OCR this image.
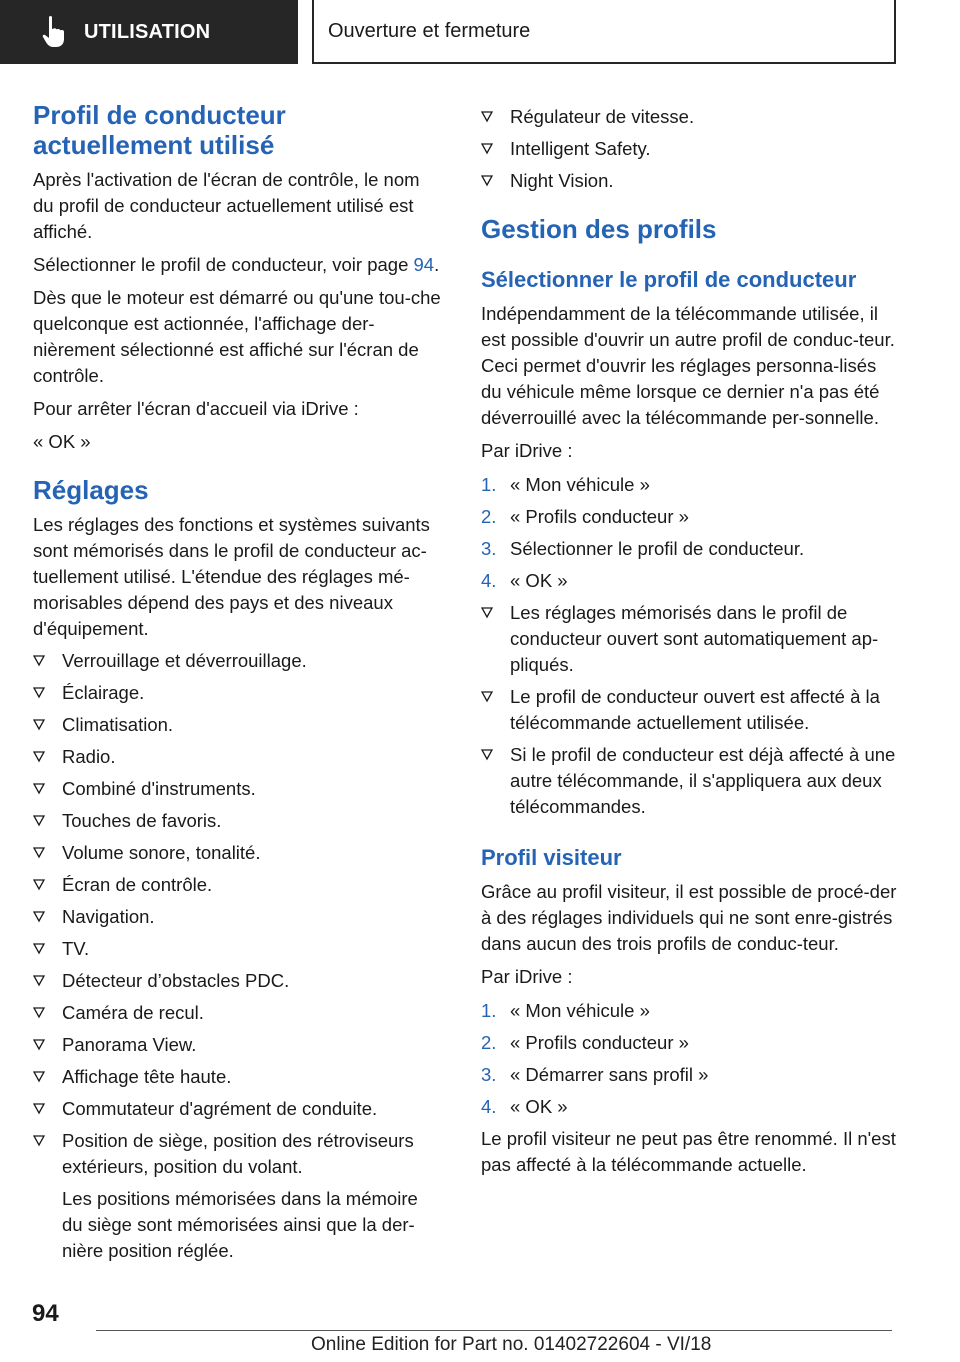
UTILISATION	Ouverture et fermeture
Profil de conducteur actuellement utilisé

Après l'activation de l'écran de contrôle, le nom du profil de conducteur actuellement utilisé est affiché.

Sélectionner le profil de conducteur, voir page 94.

Dès que le moteur est démarré ou qu'une tou‐che quelconque est actionnée, l'affichage der‐nièrement sélectionné est affiché sur l'écran de contrôle.

Pour arrêter l'écran d'accueil via iDrive :

« OK »

Réglages

Les réglages des fonctions et systèmes suivants sont mémorisés dans le profil de conducteur ac‐tuellement utilisé. L'étendue des réglages mé‐morisables dépend des pays et des niveaux d'équipement.

Verrouillage et déverrouillage.
Éclairage.
Climatisation.
Radio.
Combiné d'instruments.
Touches de favoris.
Volume sonore, tonalité.
Écran de contrôle.
Navigation.
TV.
Détecteur d’obstacles PDC.
Caméra de recul.
Panorama View.
Affichage tête haute.
Commutateur d'agrément de conduite.
Position de siège, position des rétroviseurs extérieurs, position du volant.
Les positions mémorisées dans la mémoire du siège sont mémorisées ainsi que la der‐nière position réglée.
Régulateur de vitesse.
Intelligent Safety.
Night Vision.
Gestion des profils
Sélectionner le profil de conducteur

Indépendamment de la télécommande utilisée, il est possible d'ouvrir un autre profil de conduc‐teur. Ceci permet d'ouvrir les réglages personna‐lisés du véhicule même lorsque ce dernier n'a pas été déverrouillé avec la télécommande per‐sonnelle.

Par iDrive :

1. « Mon véhicule »
2. « Profils conducteur »
3. Sélectionner le profil de conducteur.
4. « OK »
Les réglages mémorisés dans le profil de conducteur ouvert sont automatiquement ap‐pliqués.
Le profil de conducteur ouvert est affecté à la télécommande actuellement utilisée.
Si le profil de conducteur est déjà affecté à une autre télécommande, il s'appliquera aux deux télécommandes.
Profil visiteur

Grâce au profil visiteur, il est possible de procé‐der à des réglages individuels qui ne sont enre‐gistrés dans aucun des trois profils de conduc‐teur.

Par iDrive :

1. « Mon véhicule »
2. « Profils conducteur »
3. « Démarrer sans profil »
4. « OK »

Le profil visiteur ne peut pas être renommé. Il n'est pas affecté à la télécommande actuelle.

94
Online Edition for Part no. 01402722604 - VI/18
